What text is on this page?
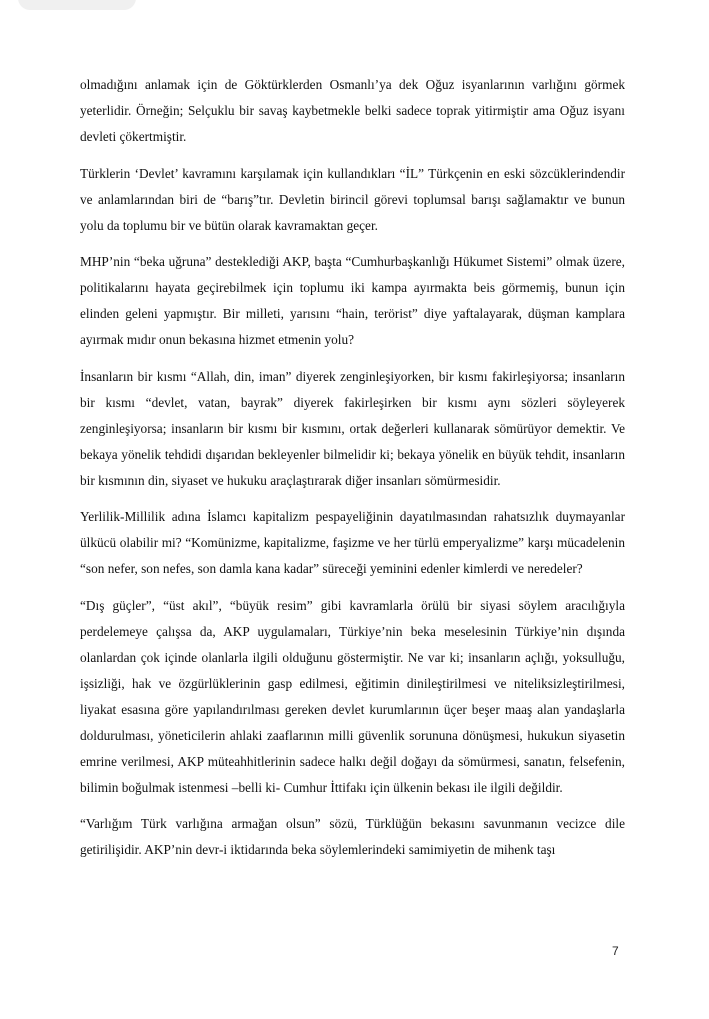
olmadığını anlamak için de Göktürklerden Osmanlı’ya dek Oğuz isyanlarının varlığını görmek yeterlidir. Örneğin; Selçuklu bir savaş kaybetmekle belki sadece toprak yitirmiştir ama Oğuz isyanı devleti çökertmiştir.

Türklerin ‘Devlet’ kavramını karşılamak için kullandıkları “İL” Türkçenin en eski sözcüklerindendir ve anlamlarından biri de “barış”tır. Devletin birincil görevi toplumsal barışı sağlamaktır ve bunun yolu da toplumu bir ve bütün olarak kavramaktan geçer.

MHP’nin “beka uğruna” desteklediği AKP, başta “Cumhurbaşkanlığı Hükumet Sistemi” olmak üzere, politikalarını hayata geçirebilmek için toplumu iki kampa ayırmakta beis görmemiş, bunun için elinden geleni yapmıştır. Bir milleti, yarısını “hain, terörist” diye yaftalayarak, düşman kamplara ayırmak mıdır onun bekasına hizmet etmenin yolu?

İnsanların bir kısmı “Allah, din, iman” diyerek zenginleşiyorken, bir kısmı fakirleşiyorsa; insanların bir kısmı “devlet, vatan, bayrak” diyerek fakirleşirken bir kısmı aynı sözleri söyleyerek zenginleşiyorsa; insanların bir kısmı bir kısmını, ortak değerleri kullanarak sömürüyor demektir. Ve bekaya yönelik tehdidi dışarıdan bekleyenler bilmelidir ki; bekaya yönelik en büyük tehdit, insanların bir kısmının din, siyaset ve hukuku araçlaştırarak diğer insanları sömürmesidir.

Yerlilik-Millilik adına İslamcı kapitalizm pespayeliğinin dayatılmasından rahatsızlık duymayanlar ülkücü olabilir mi? “Komünizme, kapitalizme, faşizme ve her türlü emperyalizme” karşı mücadelenin “son nefer, son nefes, son damla kana kadar” süreceği yeminini edenler kimlerdi ve neredeler?

“Dış güçler”, “üst akıl”, “büyük resim” gibi kavramlarla örülü bir siyasi söylem aracılığıyla perdelemeye çalışsa da, AKP uygulamaları, Türkiye’nin beka meselesinin Türkiye’nin dışında olanlardan çok içinde olanlarla ilgili olduğunu göstermiştir. Ne var ki; insanların açlığı, yoksulluğu, işsizliği, hak ve özgürlüklerinin gasp edilmesi, eğitimin dinileştirilmesi ve niteliksizleştirilmesi, liyakat esasına göre yapılandırılması gereken devlet kurumlarının üçer beşer maaş alan yandaşlarla doldurulması, yöneticilerin ahlaki zaaflarının milli güvenlik sorununa dönüşmesi, hukukun siyasetin emrine verilmesi, AKP müteahhitlerinin sadece halkı değil doğayı da sömürmesi, sanatın, felsefenin, bilimin boğulmak istenmesi –belli ki- Cumhur İttifakı için ülkenin bekası ile ilgili değildir.

“Varlığım Türk varlığına armağan olsun” sözü, Türklüğün bekasını savunmanın vecizce dile getirilişidir. AKP’nin devr-i iktidarında beka söylemlerindeki samimiyetin de mihenk taşı

7
